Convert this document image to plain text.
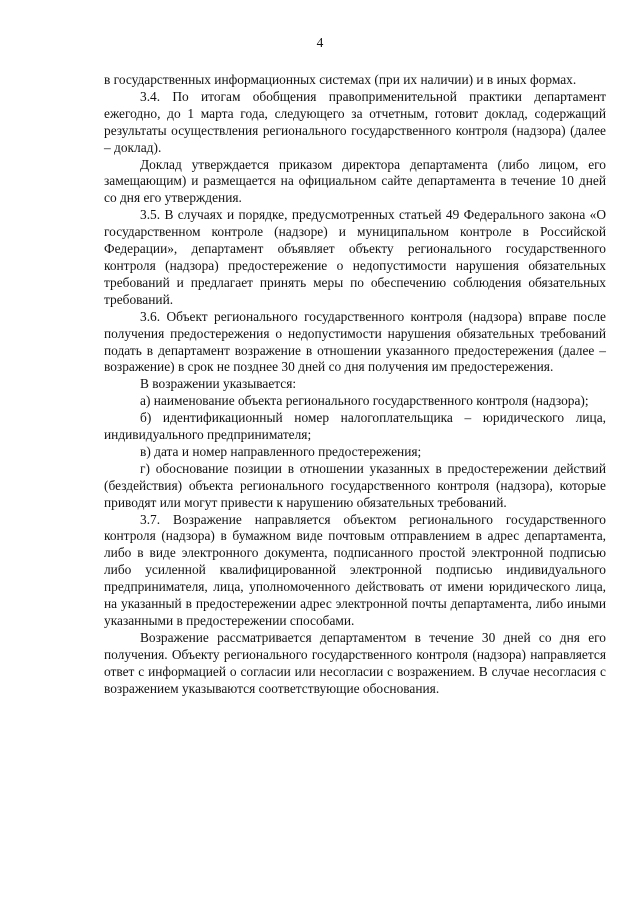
4

в государственных информационных системах (при их наличии) и в иных формах.

3.4. По итогам обобщения правоприменительной практики департамент ежегодно, до 1 марта года, следующего за отчетным, готовит доклад, содержащий результаты осуществления регионального государственного контроля (надзора) (далее – доклад).

Доклад утверждается приказом директора департамента (либо лицом, его замещающим) и размещается на официальном сайте департамента в течение 10 дней со дня его утверждения.

3.5. В случаях и порядке, предусмотренных статьей 49 Федерального закона «О государственном контроле (надзоре) и муниципальном контроле в Российской Федерации», департамент объявляет объекту регионального государственного контроля (надзора) предостережение о недопустимости нарушения обязательных требований и предлагает принять меры по обеспечению соблюдения обязательных требований.

3.6. Объект регионального государственного контроля (надзора) вправе после получения предостережения о недопустимости нарушения обязательных требований подать в департамент возражение в отношении указанного предостережения (далее – возражение) в срок не позднее 30 дней со дня получения им предостережения.

В возражении указывается:

а) наименование объекта регионального государственного контроля (надзора);

б) идентификационный номер налогоплательщика – юридического лица, индивидуального предпринимателя;

в) дата и номер направленного предостережения;

г) обоснование позиции в отношении указанных в предостережении действий (бездействия) объекта регионального государственного контроля (надзора), которые приводят или могут привести к нарушению обязательных требований.

3.7. Возражение направляется объектом регионального государственного контроля (надзора) в бумажном виде почтовым отправлением в адрес департамента, либо в виде электронного документа, подписанного простой электронной подписью либо усиленной квалифицированной электронной подписью индивидуального предпринимателя, лица, уполномоченного действовать от имени юридического лица, на указанный в предостережении адрес электронной почты департамента, либо иными указанными в предостережении способами.

Возражение рассматривается департаментом в течение 30 дней со дня его получения. Объекту регионального государственного контроля (надзора) направляется ответ с информацией о согласии или несогласии с возражением. В случае несогласия с возражением указываются соответствующие обоснования.
